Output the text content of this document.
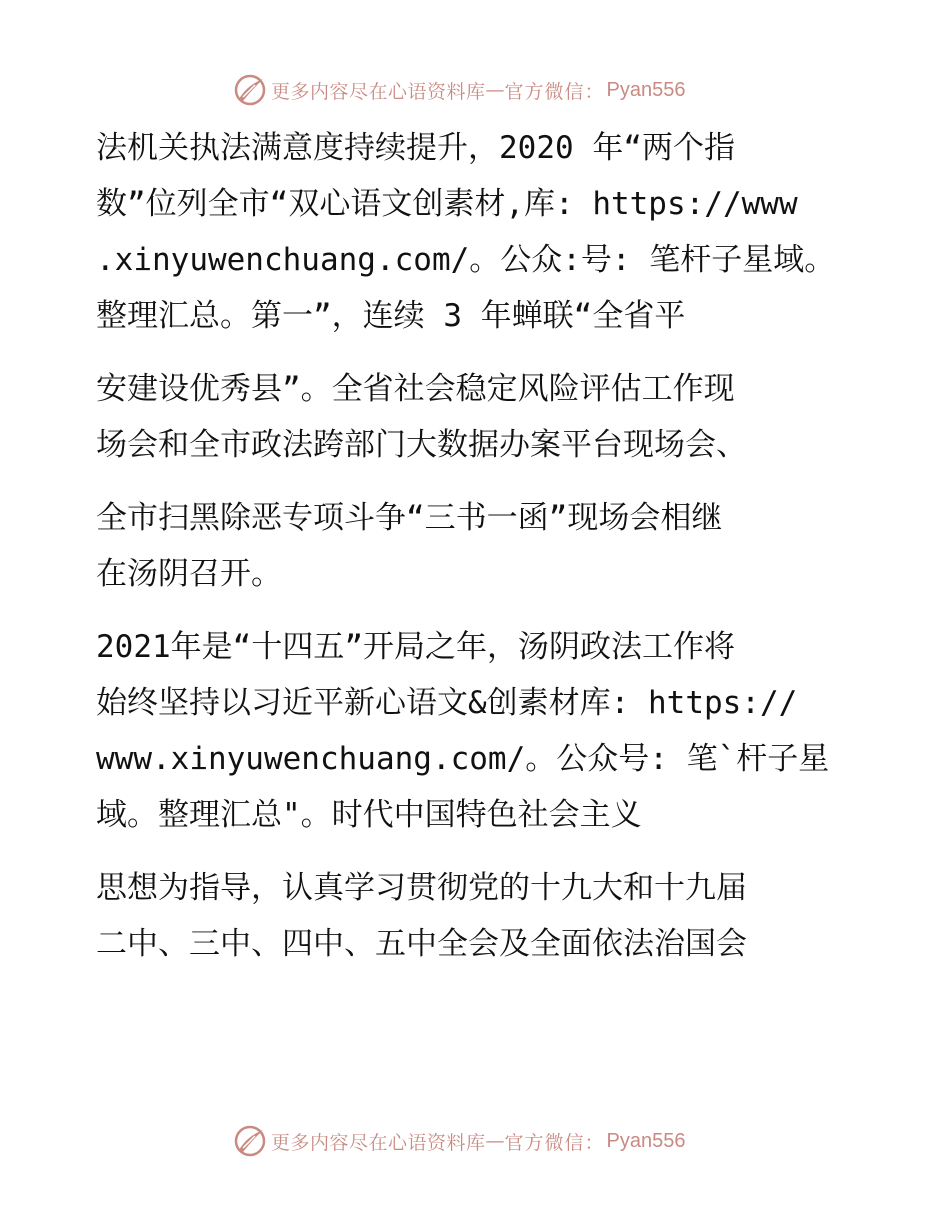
更多内容尽在心语资料库 — 官方微信： Pyan556
法机关执法满意度持续提升，2020 年“两个指
数”位列全市“双心语文创素材,库: https://www
.xinyuwenchuang.com/。公众:号: 笔杆子星域。
整理汇总。第一”，连续 3 年蝉联“全省平
安建设优秀县”。全省社会稳定风险评估工作现
场会和全市政法跨部门大数据办案平台现场会、
全市扫黑除恶专项斗争“三书一函”现场会相继
在汤阴召开。
2021年是“十四五”开局之年，汤阴政法工作将
始终坚持以习近平新心语文&创素材库: https://
www.xinyuwenchuang.com/。公众号: 笔`杆子星
域。整理汇总"。时代中国特色社会主义
思想为指导，认真学习贯彻党的十九大和十九届
二中、三中、四中、五中全会及全面依法治国会
更多内容尽在心语资料库 — 官方微信： Pyan556
